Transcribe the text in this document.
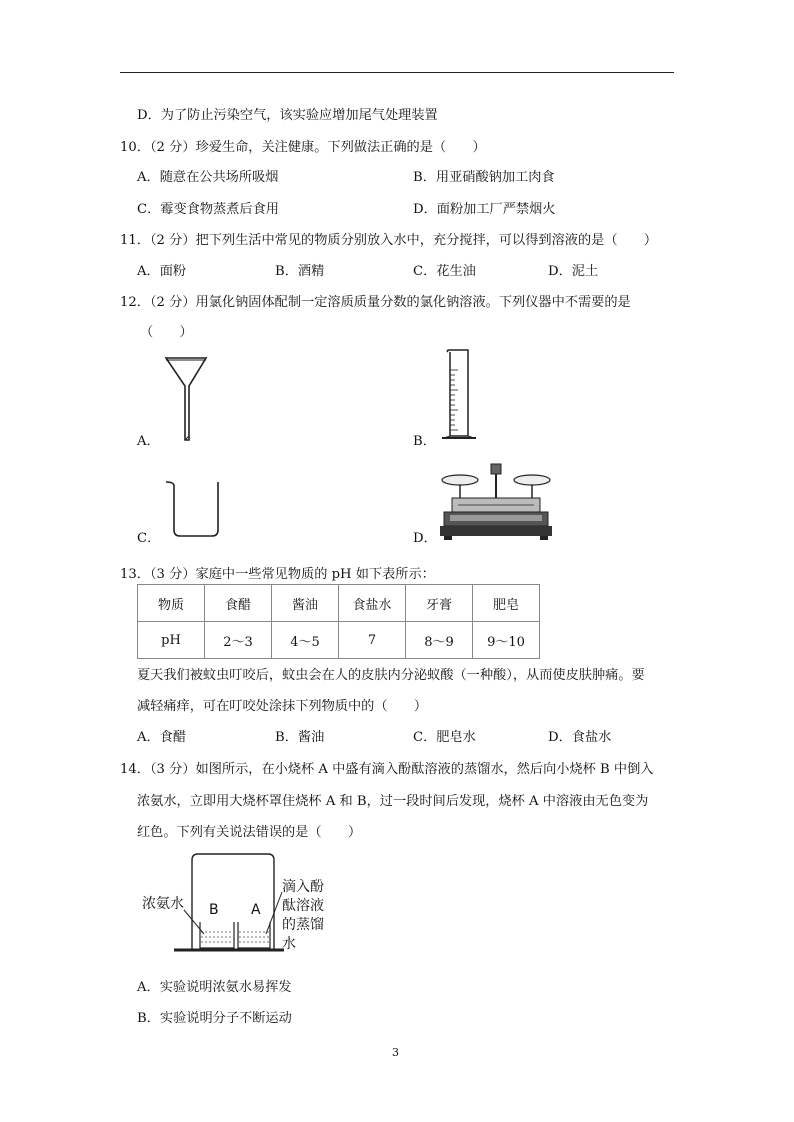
D．为了防止污染空气，该实验应增加尾气处理装置
10．（2 分）珍爱生命，关注健康。下列做法正确的是（　　）
A．随意在公共场所吸烟	B．用亚硝酸钠加工肉食
C．霉变食物蒸煮后食用	D．面粉加工厂严禁烟火
11．（2 分）把下列生活中常见的物质分别放入水中，充分搅拌，可以得到溶液的是（　　）
A．面粉	B．酒精	C．花生油	D．泥土
12．（2 分）用氯化钠固体配制一定溶质质量分数的氯化钠溶液。下列仪器中不需要的是
（　　）
A．	B．
C．	D．
13．（3 分）家庭中一些常见物质的 pH 如下表所示：
物质	食醋	酱油	食盐水	牙膏	肥皂
pH	2～3	4～5	7	8～9	9～10
夏天我们被蚊虫叮咬后，蚊虫会在人的皮肤内分泌蚁酸（一种酸），从而使皮肤肿痛。要
减轻痛痒，可在叮咬处涂抹下列物质中的（　　）
A．食醋	B．酱油	C．肥皂水	D．食盐水
14．（3 分）如图所示，在小烧杯 A 中盛有滴入酚酞溶液的蒸馏水，然后向小烧杯 B 中倒入
浓氨水，立即用大烧杯罩住烧杯 A 和 B，过一段时间后发现，烧杯 A 中溶液由无色变为
红色。下列有关说法错误的是（　　）
浓氨水 B A
滴入酚
酞溶液
的蒸馏
水
A．实验说明浓氨水易挥发
B．实验说明分子不断运动
3
